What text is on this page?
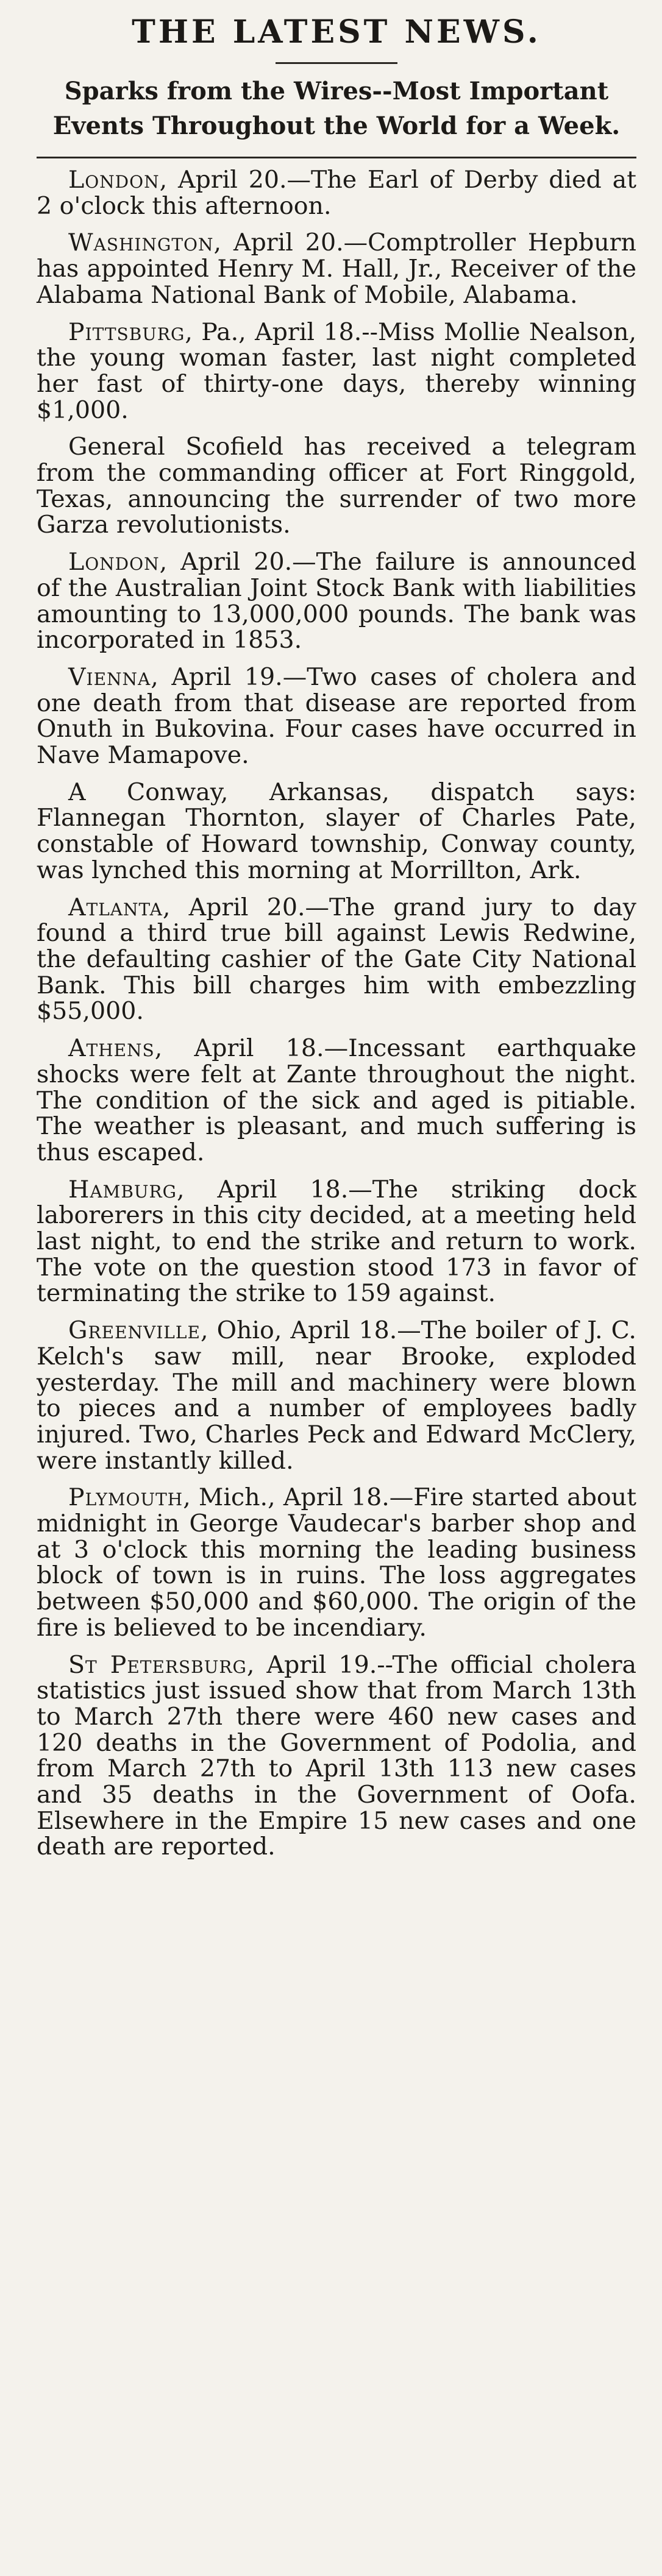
THE LATEST NEWS.

Sparks from the Wires--Most Important Events Throughout the World for a Week.

London, April 20.—The Earl of Derby died at 2 o'clock this afternoon.

Washington, April 20.—Comptroller Hepburn has appointed Henry M. Hall, Jr., Receiver of the Alabama National Bank of Mobile, Alabama.

Pittsburg, Pa., April 18.--Miss Mollie Nealson, the young woman faster, last night completed her fast of thirty-one days, thereby winning $1,000.

General Scofield has received a telegram from the commanding officer at Fort Ringgold, Texas, announcing the surrender of two more Garza revolutionists.

London, April 20.—The failure is announced of the Australian Joint Stock Bank with liabilities amounting to 13,000,000 pounds. The bank was incorporated in 1853.

Vienna, April 19.—Two cases of cholera and one death from that disease are reported from Onuth in Bukovina. Four cases have occurred in Nave Mamapove.

A Conway, Arkansas, dispatch says: Flannegan Thornton, slayer of Charles Pate, constable of Howard township, Conway county, was lynched this morning at Morrillton, Ark.

Atlanta, April 20.—The grand jury to day found a third true bill against Lewis Redwine, the defaulting cashier of the Gate City National Bank. This bill charges him with embezzling $55,000.

Athens, April 18.—Incessant earthquake shocks were felt at Zante throughout the night. The condition of the sick and aged is pitiable. The weather is pleasant, and much suffering is thus escaped.

Hamburg, April 18.—The striking dock laborerers in this city decided, at a meeting held last night, to end the strike and return to work. The vote on the question stood 173 in favor of terminating the strike to 159 against.

Greenville, Ohio, April 18.—The boiler of J. C. Kelch's saw mill, near Brooke, exploded yesterday. The mill and machinery were blown to pieces and a number of employees badly injured. Two, Charles Peck and Edward McClery, were instantly killed.

Plymouth, Mich., April 18.—Fire started about midnight in George Vaudecar's barber shop and at 3 o'clock this morning the leading business block of town is in ruins. The loss aggregates between $50,000 and $60,000. The origin of the fire is believed to be incendiary.

St Petersburg, April 19.--The official cholera statistics just issued show that from March 13th to March 27th there were 460 new cases and 120 deaths in the Government of Podolia, and from March 27th to April 13th 113 new cases and 35 deaths in the Government of Oofa. Elsewhere in the Empire 15 new cases and one death are reported.
